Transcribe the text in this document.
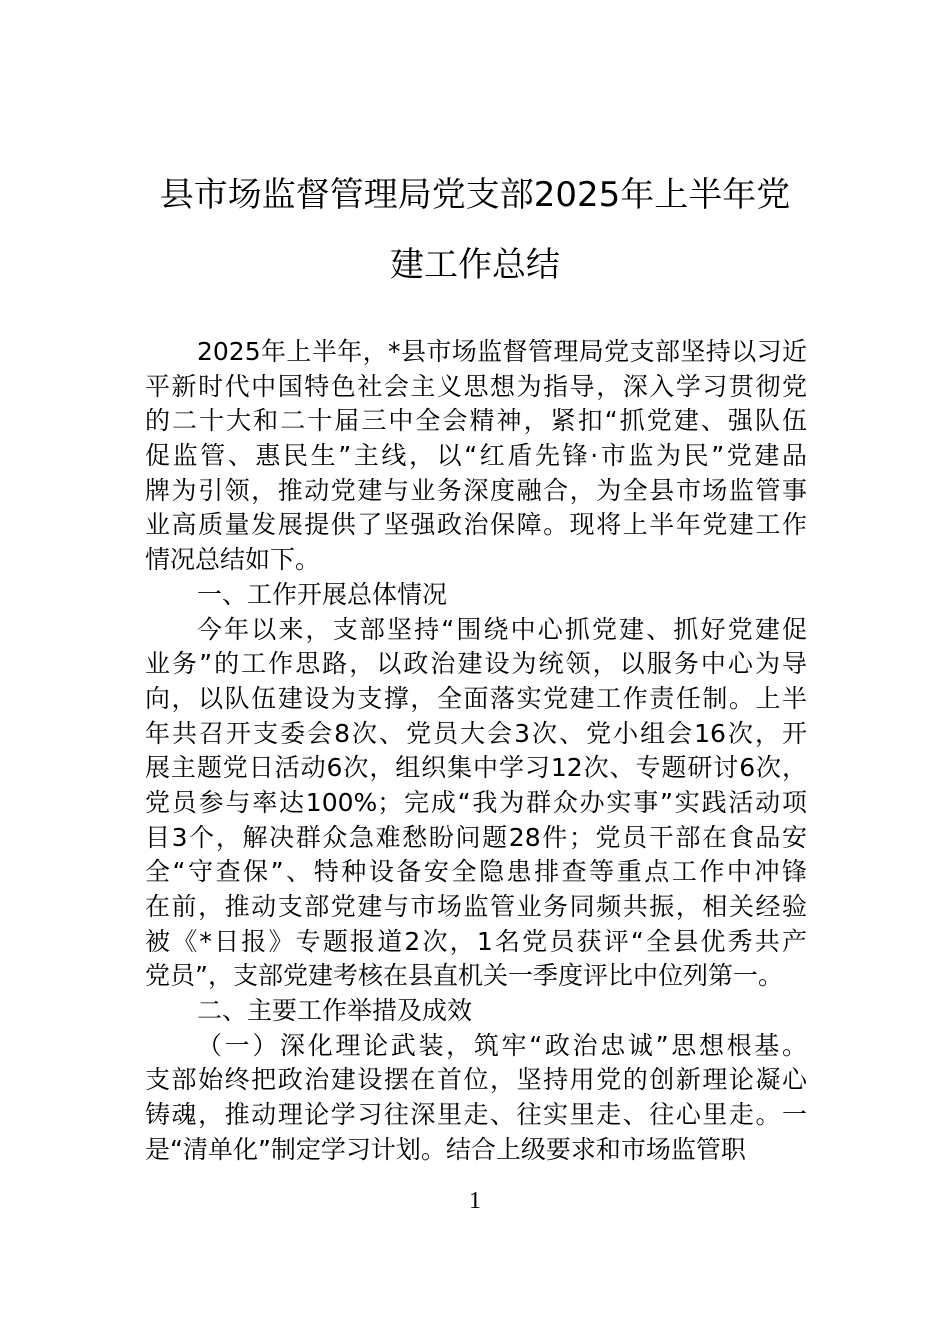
县市场监督管理局党支部2025年上半年党
建工作总结
2025年上半年，*县市场监督管理局党支部坚持以习近
平新时代中国特色社会主义思想为指导，深入学习贯彻党
的二十大和二十届三中全会精神，紧扣“抓党建、强队伍
促监管、惠民生”主线，以“红盾先锋·市监为民”党建品
牌为引领，推动党建与业务深度融合，为全县市场监管事
业高质量发展提供了坚强政治保障。现将上半年党建工作
情况总结如下。
一、工作开展总体情况
今年以来，支部坚持“围绕中心抓党建、抓好党建促
业务”的工作思路，以政治建设为统领，以服务中心为导
向，以队伍建设为支撑，全面落实党建工作责任制。上半
年共召开支委会8次、党员大会3次、党小组会16次，开
展主题党日活动6次，组织集中学习12次、专题研讨6次，
党员参与率达100%；完成“我为群众办实事”实践活动项
目3个，解决群众急难愁盼问题28件；党员干部在食品安
全“守查保”、特种设备安全隐患排查等重点工作中冲锋
在前，推动支部党建与市场监管业务同频共振，相关经验
被《*日报》专题报道2次，1名党员获评“全县优秀共产
党员”，支部党建考核在县直机关一季度评比中位列第一。
二、主要工作举措及成效
（一）深化理论武装，筑牢“政治忠诚”思想根基。
支部始终把政治建设摆在首位，坚持用党的创新理论凝心
铸魂，推动理论学习往深里走、往实里走、往心里走。一
是“清单化”制定学习计划。结合上级要求和市场监管职
1
